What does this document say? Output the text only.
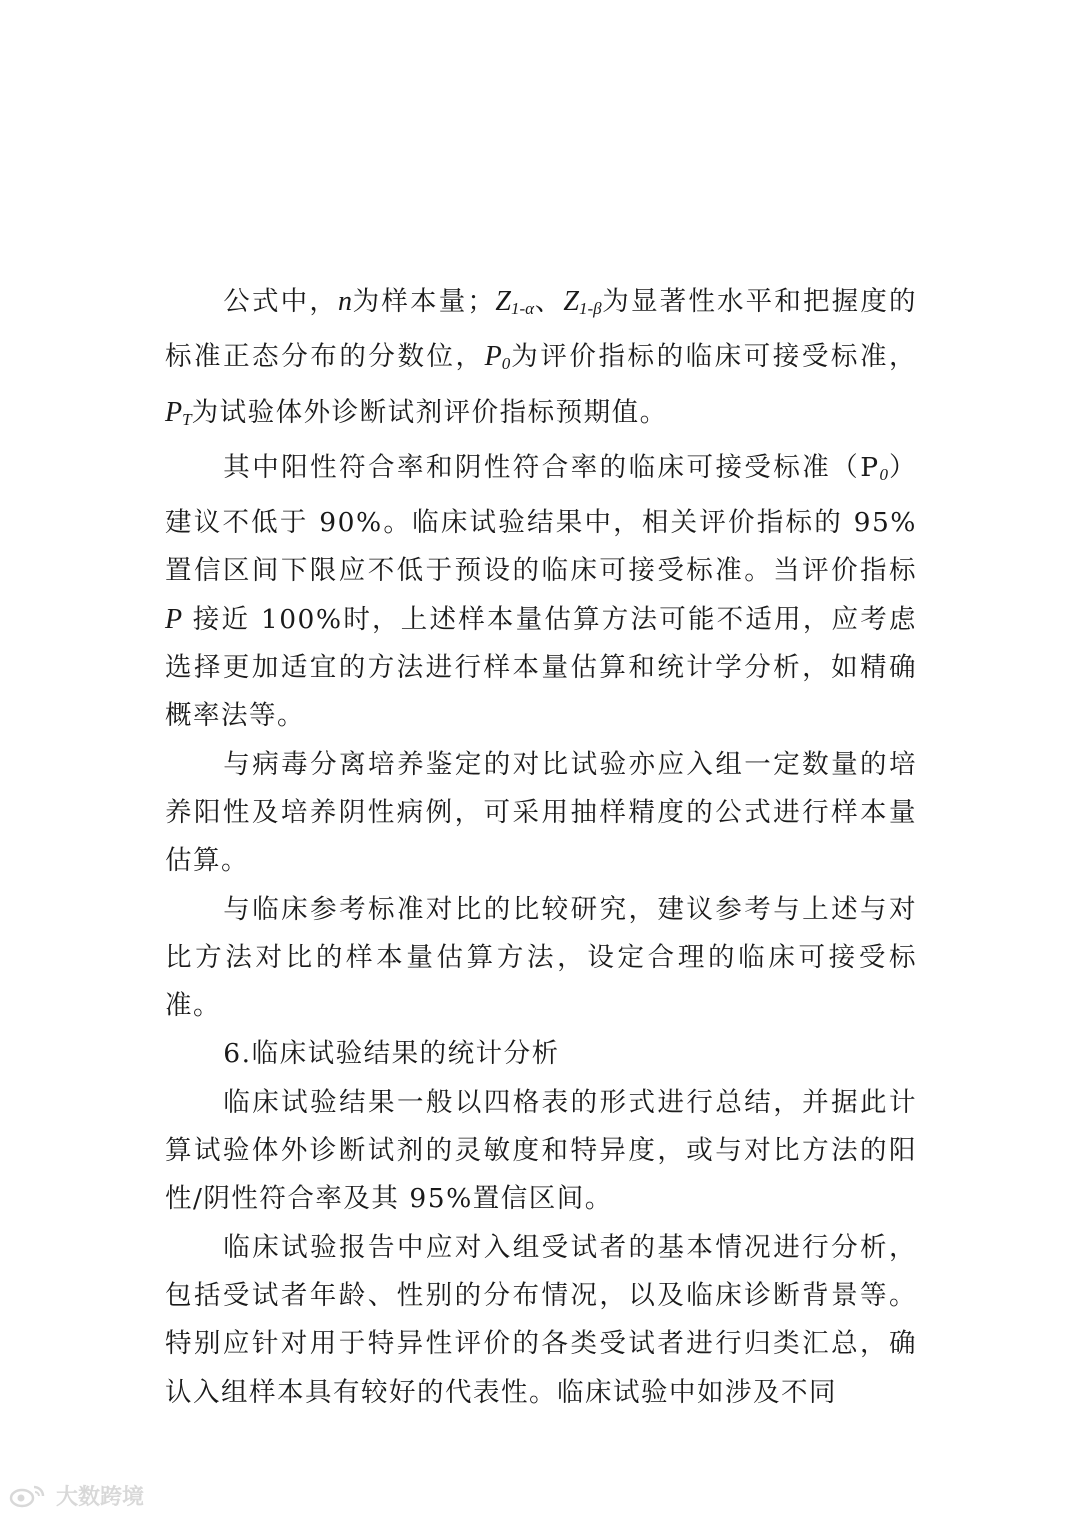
公式中，n为样本量；$Z_{1-\alpha}$、$Z_{1-\beta}$为显著性水平和把握度的标准正态分布的分数位，$P_0$为评价指标的临床可接受标准，$P_T$为试验体外诊断试剂评价指标预期值。

其中阳性符合率和阴性符合率的临床可接受标准$(P_0)$建议不低于 90%。临床试验结果中，相关评价指标的 95%置信区间下限应不低于预设的临床可接受标准。当评价指标 P 接近 100%时，上述样本量估算方法可能不适用，应考虑选择更加适宜的方法进行样本量估算和统计学分析，如精确概率法等。

与病毒分离培养鉴定的对比试验亦应入组一定数量的培养阳性及培养阴性病例，可采用抽样精度的公式进行样本量估算。

与临床参考标准对比的比较研究，建议参考与上述与对比方法对比的样本量估算方法，设定合理的临床可接受标准。

6.临床试验结果的统计分析

临床试验结果一般以四格表的形式进行总结，并据此计算试验体外诊断试剂的灵敏度和特异度，或与对比方法的阳性/阴性符合率及其 95%置信区间。

临床试验报告中应对入组受试者的基本情况进行分析，包括受试者年龄、性别的分布情况，以及临床诊断背景等。特别应针对用于特异性评价的各类受试者进行归类汇总，确认入组样本具有较好的代表性。临床试验中如涉及不同

大数跨境
